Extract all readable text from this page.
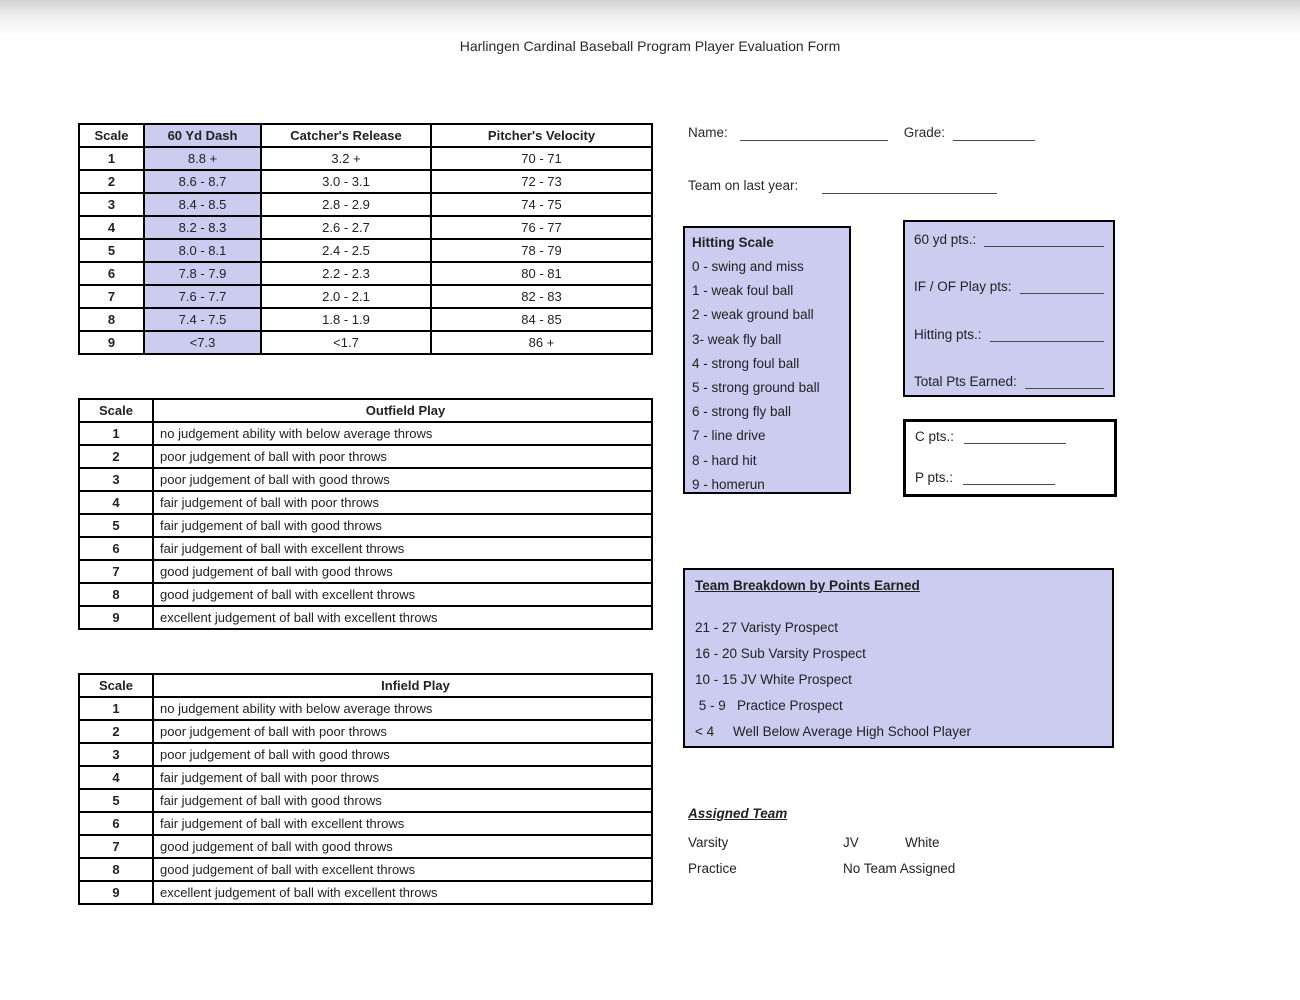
Harlingen Cardinal Baseball Program Player Evaluation Form
Scale	60 Yd Dash	Catcher's Release	Pitcher's Velocity
1	8.8 +	3.2 +	70 - 71
2	8.6 - 8.7	3.0 - 3.1	72 - 73
3	8.4 - 8.5	2.8 - 2.9	74 - 75
4	8.2 - 8.3	2.6 - 2.7	76 - 77
5	8.0 - 8.1	2.4 - 2.5	78 - 79
6	7.8 - 7.9	2.2 - 2.3	80 - 81
7	7.6 - 7.7	2.0 - 2.1	82 - 83
8	7.4 - 7.5	1.8 - 1.9	84 - 85
9	<7.3	<1.7	86 +
Scale	Outfield Play
1	no judgement ability with below average throws
2	poor judgement of ball with poor throws
3	poor judgement of ball with good throws
4	fair judgement of ball with poor throws
5	fair judgement of ball with good throws
6	fair judgement of ball with excellent throws
7	good judgement of ball with good throws
8	good judgement of ball with excellent throws
9	excellent judgement of ball with excellent throws
Scale	Infield Play
1	no judgement ability with below average throws
2	poor judgement of ball with poor throws
3	poor judgement of ball with good throws
4	fair judgement of ball with poor throws
5	fair judgement of ball with good throws
6	fair judgement of ball with excellent throws
7	good judgement of ball with good throws
8	good judgement of ball with excellent throws
9	excellent judgement of ball with excellent throws
Name:	Grade:
Team on last year:
Hitting Scale
0 - swing and miss
1 - weak foul ball
2 - weak ground ball
3- weak fly ball
4 - strong foul ball
5 - strong ground ball
6 - strong fly ball
7 - line drive
8 - hard hit
9 - homerun
60 yd pts.:
IF / OF Play pts:
Hitting pts.:
Total Pts Earned:
C pts.:
P pts.:
Team Breakdown by Points Earned
21 - 27 Varisty Prospect
16 - 20 Sub Varsity Prospect
10 - 15 JV White Prospect
5 - 9   Practice Prospect
< 4     Well Below Average High School Player
Assigned Team
Varsity	JV	White
Practice	No Team Assigned
